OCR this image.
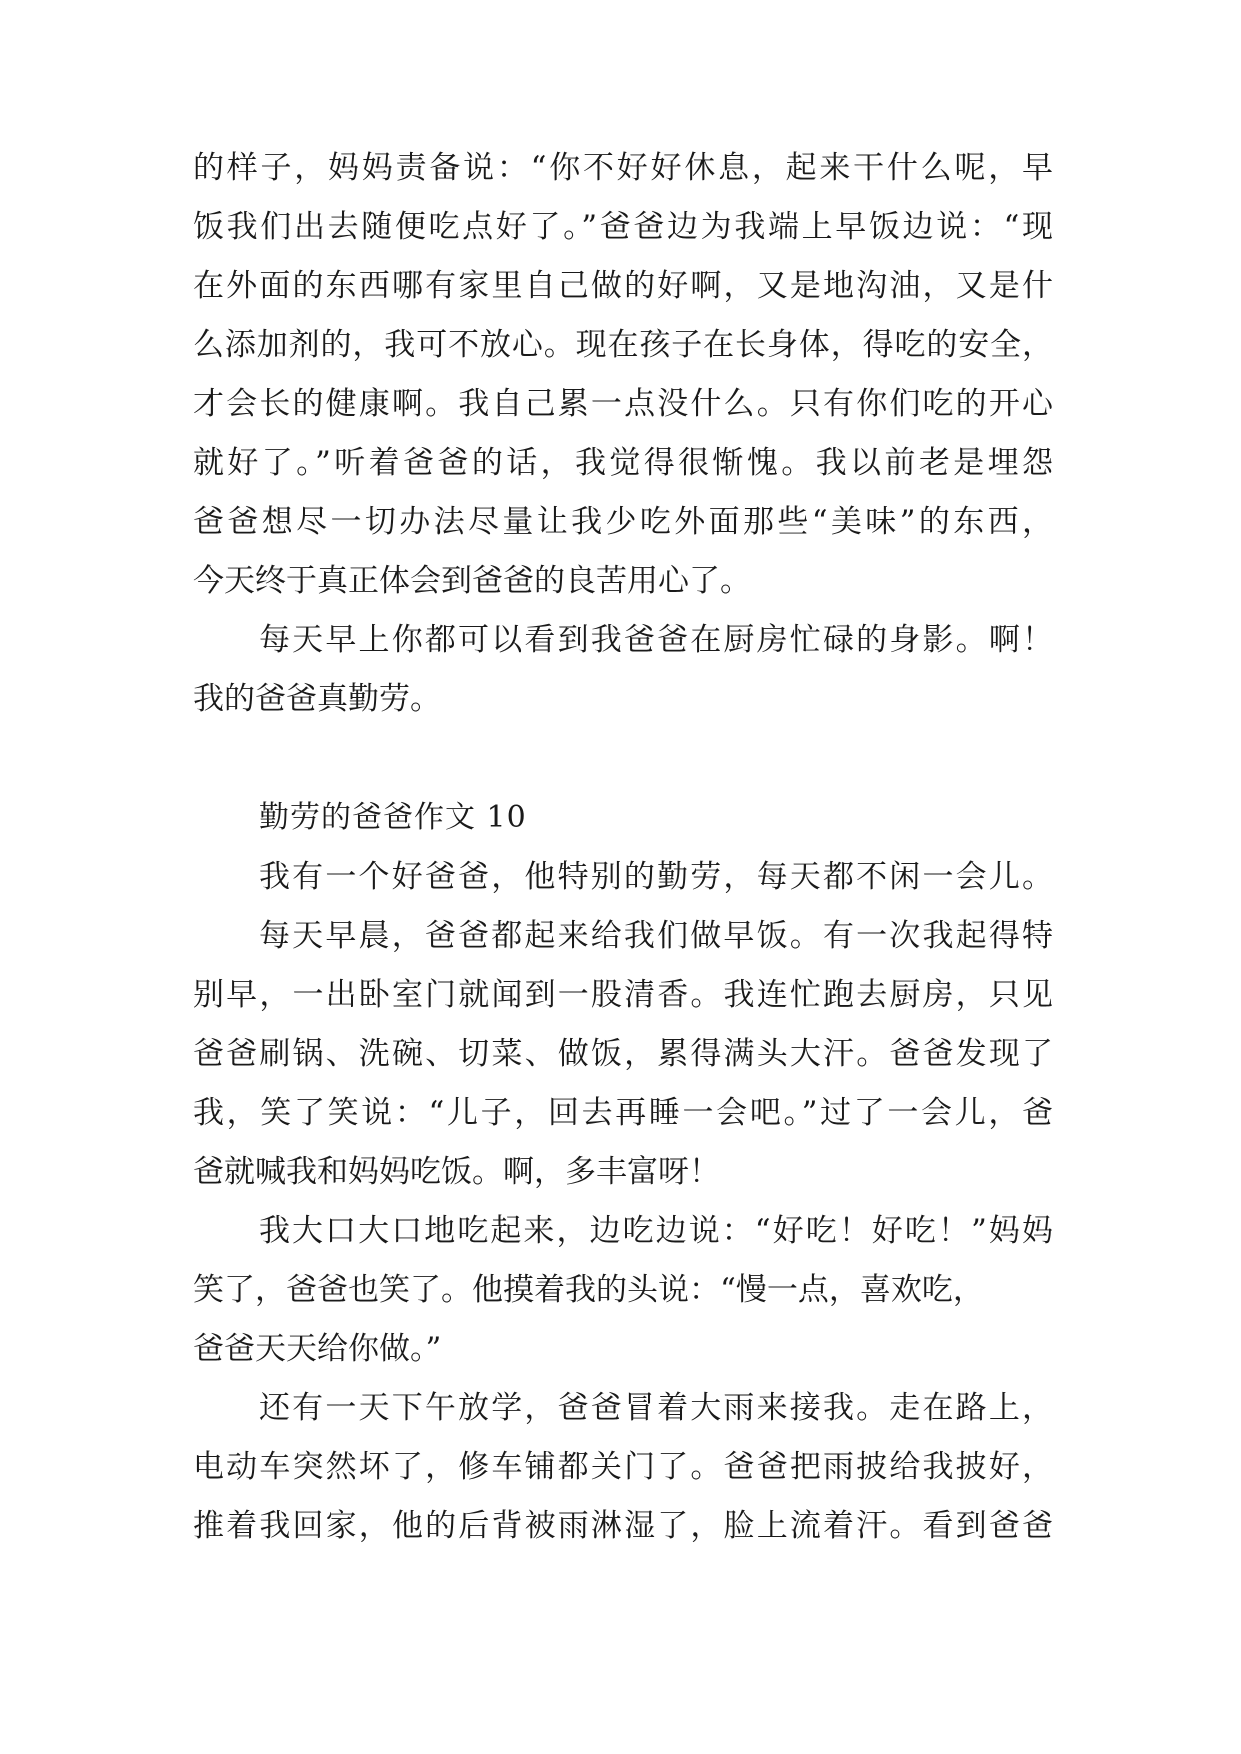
的样子，妈妈责备说：“你不好好休息，起来干什么呢，早
饭我们出去随便吃点好了。”爸爸边为我端上早饭边说：“现
在外面的东西哪有家里自己做的好啊，又是地沟油，又是什
么添加剂的，我可不放心。现在孩子在长身体，得吃的安全，
才会长的健康啊。我自己累一点没什么。只有你们吃的开心
就好了。”听着爸爸的话，我觉得很惭愧。我以前老是埋怨
爸爸想尽一切办法尽量让我少吃外面那些“美味”的东西，
今天终于真正体会到爸爸的良苦用心了。
每天早上你都可以看到我爸爸在厨房忙碌的身影。啊！
我的爸爸真勤劳。
勤劳的爸爸作文 10
我有一个好爸爸，他特别的勤劳，每天都不闲一会儿。
每天早晨，爸爸都起来给我们做早饭。有一次我起得特
别早，一出卧室门就闻到一股清香。我连忙跑去厨房，只见
爸爸刷锅、洗碗、切菜、做饭，累得满头大汗。爸爸发现了
我，笑了笑说：“儿子，回去再睡一会吧。”过了一会儿，爸
爸就喊我和妈妈吃饭。啊，多丰富呀！
我大口大口地吃起来，边吃边说：“好吃！好吃！”妈妈
笑了，爸爸也笑了。他摸着我的头说：“慢一点，喜欢吃，
爸爸天天给你做。”
还有一天下午放学，爸爸冒着大雨来接我。走在路上，
电动车突然坏了，修车铺都关门了。爸爸把雨披给我披好，
推着我回家，他的后背被雨淋湿了，脸上流着汗。看到爸爸
